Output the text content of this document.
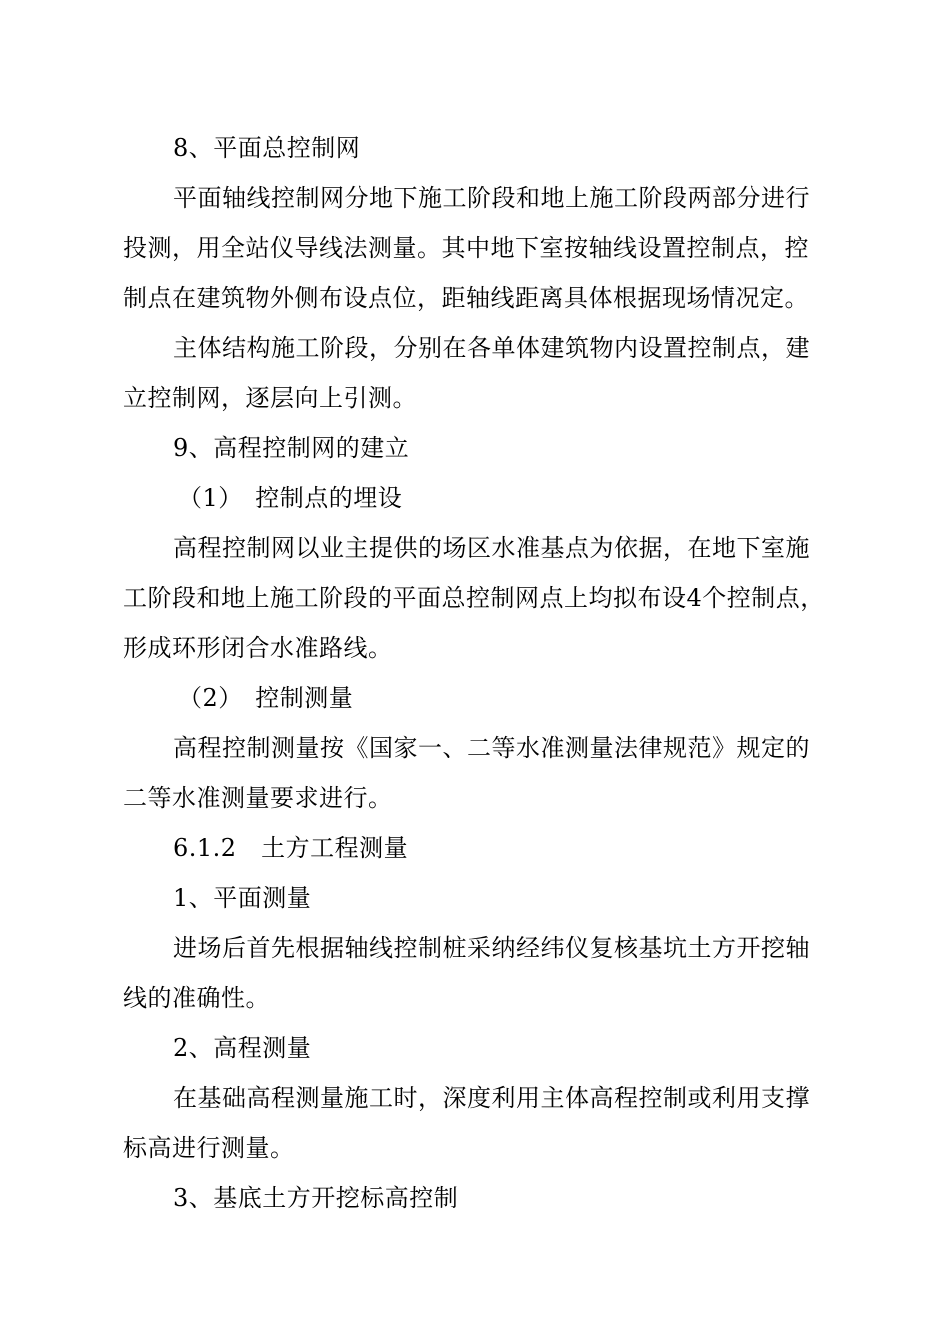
8、平面总控制网
平面轴线控制网分地下施工阶段和地上施工阶段两部分进行
投测，用全站仪导线法测量。其中地下室按轴线设置控制点，控
制点在建筑物外侧布设点位，距轴线距离具体根据现场情况定。
主体结构施工阶段，分别在各单体建筑物内设置控制点，建
立控制网，逐层向上引测。
9、高程控制网的建立
（1）　控制点的埋设
高程控制网以业主提供的场区水准基点为依据，在地下室施
工阶段和地上施工阶段的平面总控制网点上均拟布设4个控制点，
形成环形闭合水准路线。
（2）　控制测量
高程控制测量按《国家一、二等水准测量法律规范》规定的
二等水准测量要求进行。
6.1.2　土方工程测量
1、平面测量
进场后首先根据轴线控制桩采纳经纬仪复核基坑土方开挖轴
线的准确性。
2、高程测量
在基础高程测量施工时，深度利用主体高程控制或利用支撑
标高进行测量。
3、基底土方开挖标高控制
